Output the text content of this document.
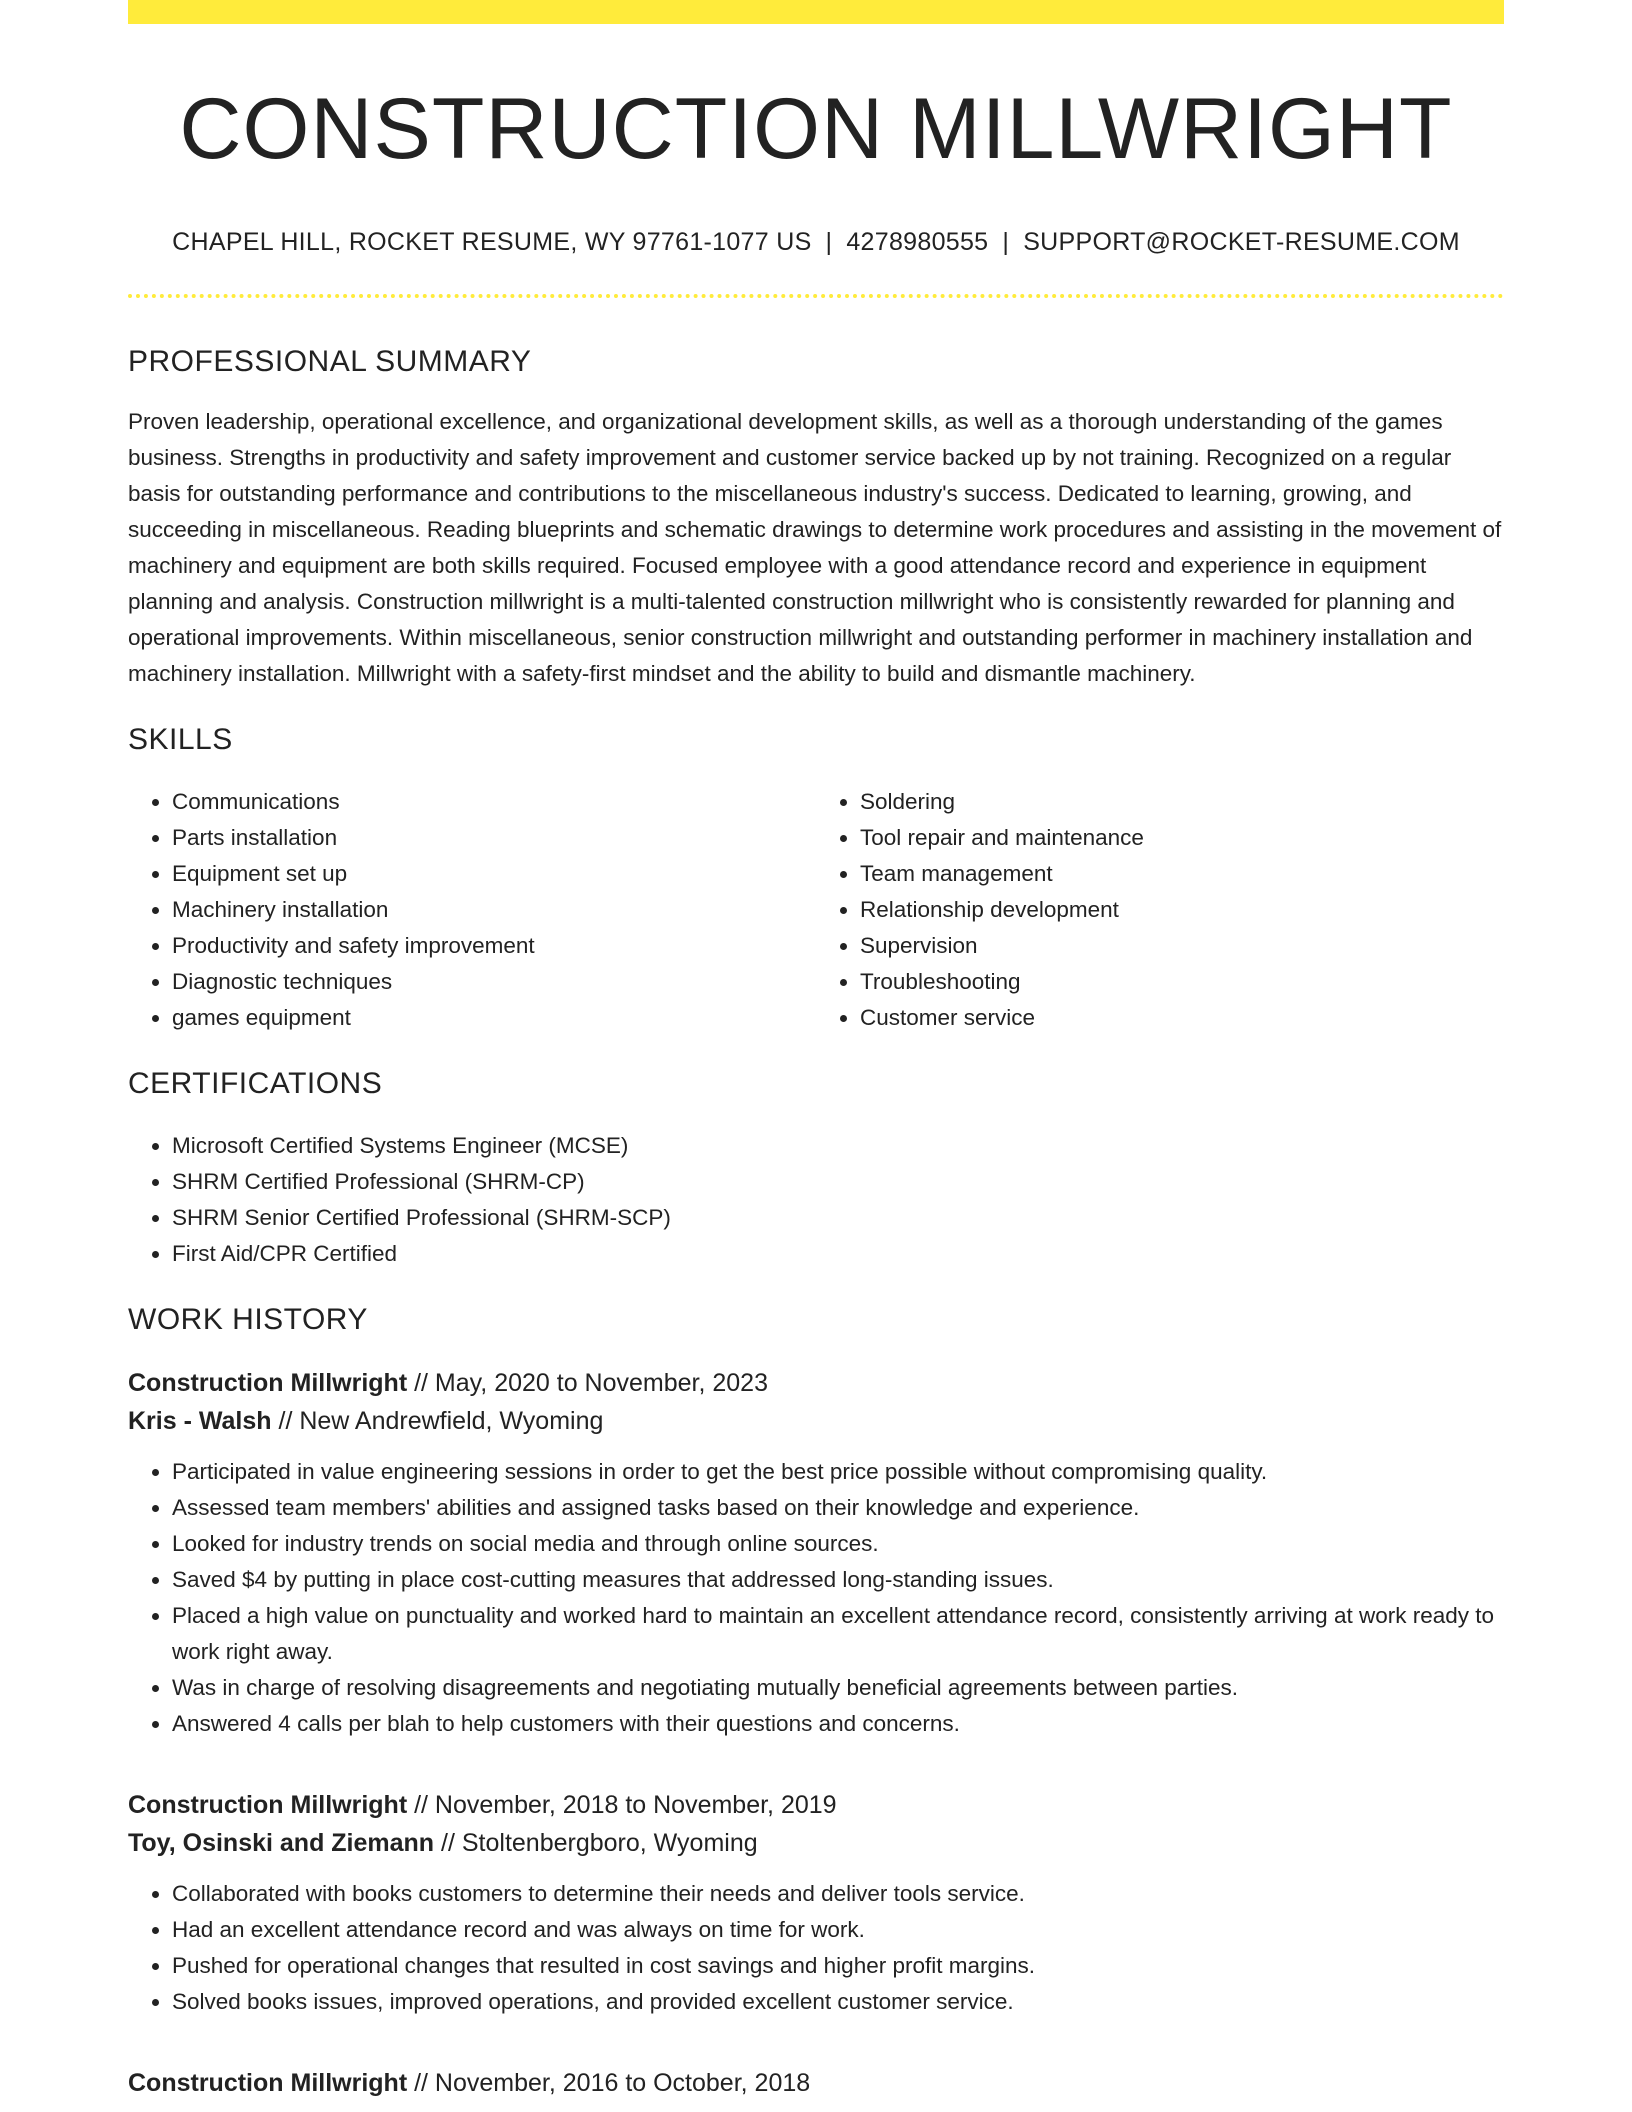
CONSTRUCTION MILLWRIGHT
CHAPEL HILL, ROCKET RESUME, WY 97761-1077 US | 4278980555 | SUPPORT@ROCKET-RESUME.COM
PROFESSIONAL SUMMARY

Proven leadership, operational excellence, and organizational development skills, as well as a thorough understanding of the games business. Strengths in productivity and safety improvement and customer service backed up by not training. Recognized on a regular basis for outstanding performance and contributions to the miscellaneous industry's success. Dedicated to learning, growing, and succeeding in miscellaneous. Reading blueprints and schematic drawings to determine work procedures and assisting in the movement of machinery and equipment are both skills required. Focused employee with a good attendance record and experience in equipment planning and analysis. Construction millwright is a multi-talented construction millwright who is consistently rewarded for planning and operational improvements. Within miscellaneous, senior construction millwright and outstanding performer in machinery installation and machinery installation. Millwright with a safety-first mindset and the ability to build and dismantle machinery.

SKILLS
• Communications
• Parts installation
• Equipment set up
• Machinery installation
• Productivity and safety improvement
• Diagnostic techniques
• games equipment
• Soldering
• Tool repair and maintenance
• Team management
• Relationship development
• Supervision
• Troubleshooting
• Customer service
CERTIFICATIONS
• Microsoft Certified Systems Engineer (MCSE)
• SHRM Certified Professional (SHRM-CP)
• SHRM Senior Certified Professional (SHRM-SCP)
• First Aid/CPR Certified
WORK HISTORY
Construction Millwright // May, 2020 to November, 2023
Kris - Walsh // New Andrewfield, Wyoming
• Participated in value engineering sessions in order to get the best price possible without compromising quality.
• Assessed team members' abilities and assigned tasks based on their knowledge and experience.
• Looked for industry trends on social media and through online sources.
• Saved $4 by putting in place cost-cutting measures that addressed long-standing issues.
• Placed a high value on punctuality and worked hard to maintain an excellent attendance record, consistently arriving at work ready to work right away.
• Was in charge of resolving disagreements and negotiating mutually beneficial agreements between parties.
• Answered 4 calls per blah to help customers with their questions and concerns.
Construction Millwright // November, 2018 to November, 2019
Toy, Osinski and Ziemann // Stoltenbergboro, Wyoming
• Collaborated with books customers to determine their needs and deliver tools service.
• Had an excellent attendance record and was always on time for work.
• Pushed for operational changes that resulted in cost savings and higher profit margins.
• Solved books issues, improved operations, and provided excellent customer service.
Construction Millwright // November, 2016 to October, 2018
